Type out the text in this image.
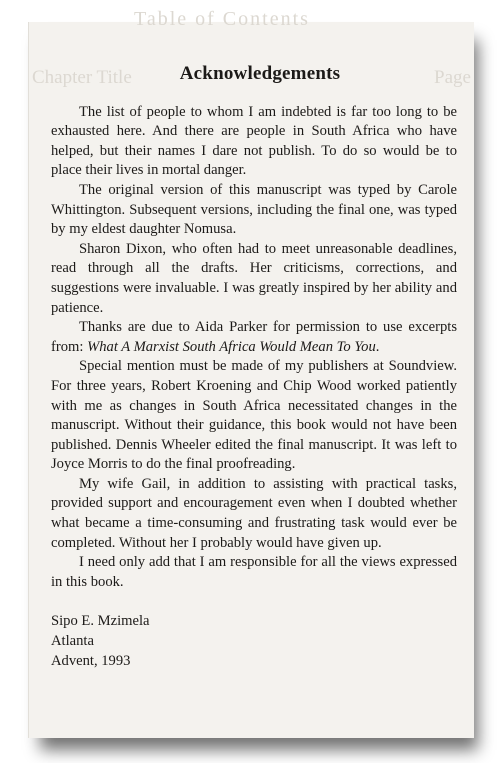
Table of Contents
Chapter Title	Page
Acknowledgements

The list of people to whom I am indebted is far too long to be exhausted here. And there are people in South Africa who have helped, but their names I dare not publish. To do so would be to place their lives in mortal danger.

The original version of this manuscript was typed by Carole Whittington. Subsequent versions, including the final one, was typed by my eldest daughter Nomusa.

Sharon Dixon, who often had to meet unreasonable deadlines, read through all the drafts. Her criticisms, corrections, and suggestions were invaluable. I was greatly inspired by her ability and patience.

Thanks are due to Aida Parker for permission to use excerpts from: What A Marxist South Africa Would Mean To You.

Special mention must be made of my publishers at Soundview. For three years, Robert Kroening and Chip Wood worked patiently with me as changes in South Africa necessitated changes in the manuscript. Without their guidance, this book would not have been published. Dennis Wheeler edited the final manuscript. It was left to Joyce Morris to do the final proofreading.

My wife Gail, in addition to assisting with practical tasks, provided support and encouragement even when I doubted whether what became a time-consuming and frustrating task would ever be completed. Without her I probably would have given up.

I need only add that I am responsible for all the views expressed in this book.

Sipo E. Mzimela
Atlanta
Advent, 1993
